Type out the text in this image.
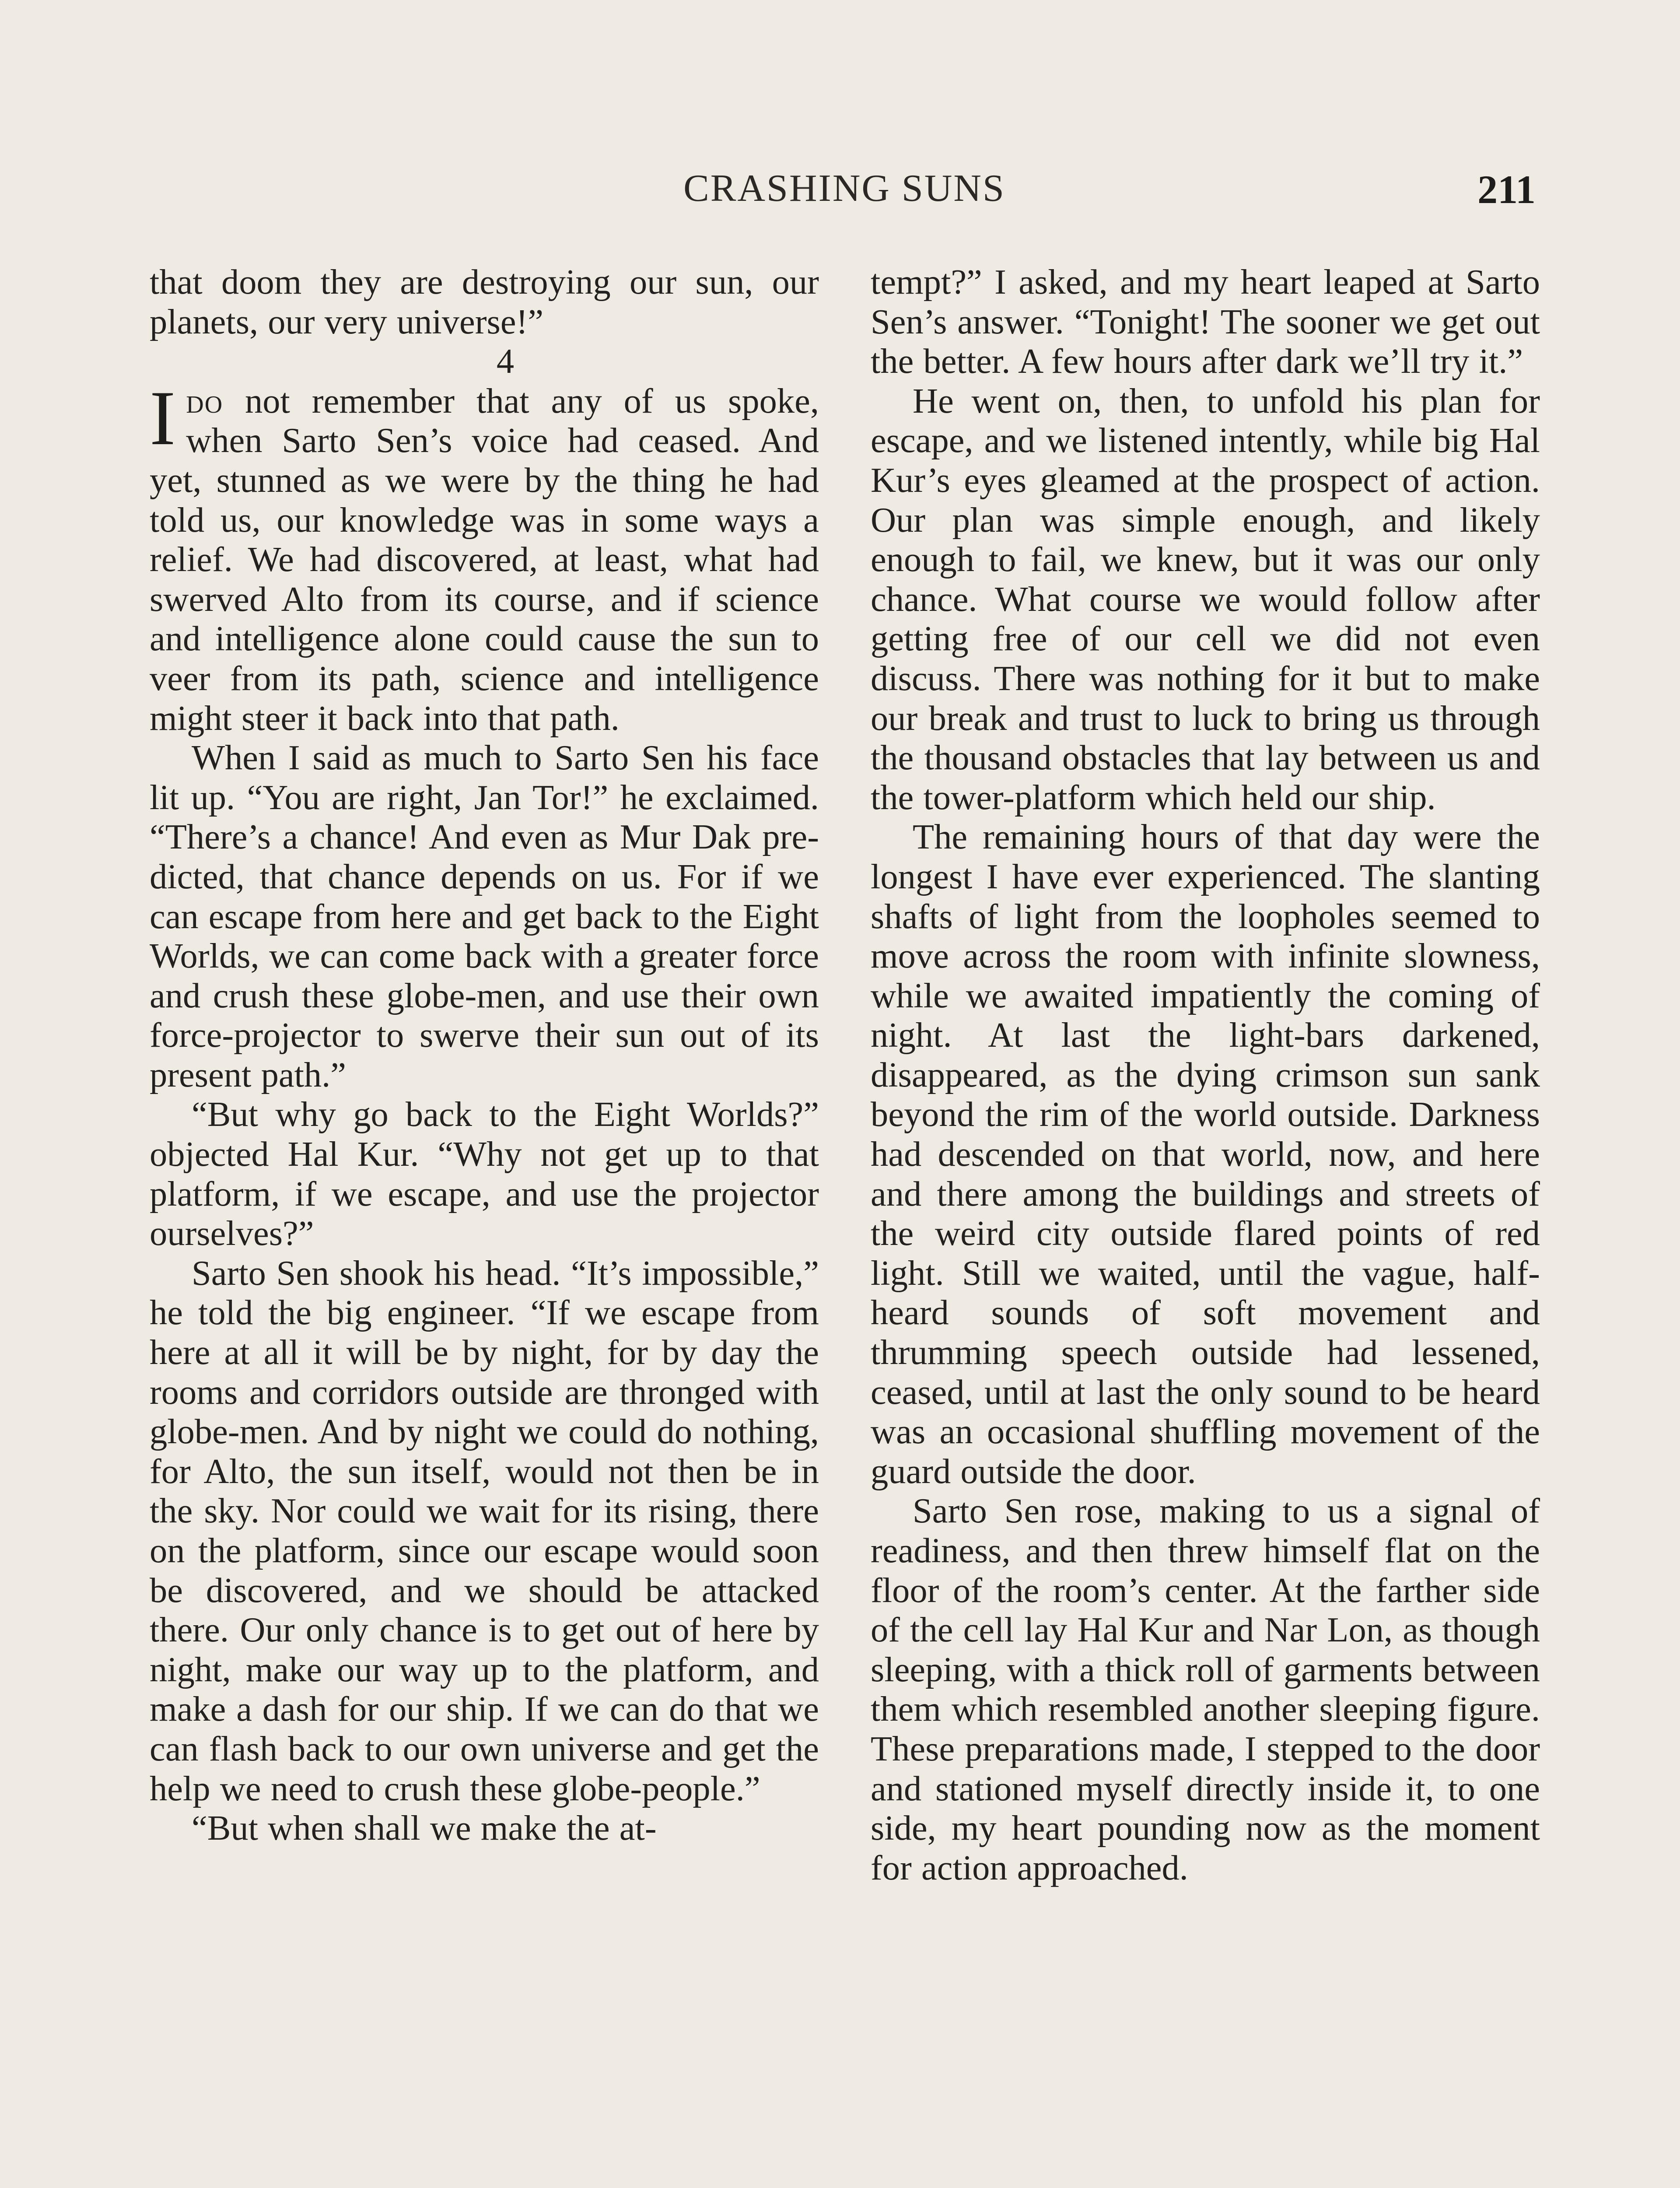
CRASHING SUNS	211

that doom they are destroying our sun, our planets, our very universe!”

4

Ido not remember that any of us spoke, when Sarto Sen’s voice had ceased. And yet, stunned as we were by the thing he had told us, our knowledge was in some ways a relief. We had discovered, at least, what had swerved Alto from its course, and if science and intelligence alone could cause the sun to veer from its path, science and intelligence might steer it back into that path.

When I said as much to Sarto Sen his face lit up. “You are right, Jan Tor!” he exclaimed. “There’s a chance! And even as Mur Dak predicted, that chance depends on us. For if we can escape from here and get back to the Eight Worlds, we can come back with a greater force and crush these globe-men, and use their own force-projector to swerve their sun out of its present path.”

“But why go back to the Eight Worlds?” objected Hal Kur. “Why not get up to that platform, if we escape, and use the projector ourselves?”

Sarto Sen shook his head. “It’s impossible,” he told the big engineer. “If we escape from here at all it will be by night, for by day the rooms and corridors outside are thronged with globe-men. And by night we could do nothing, for Alto, the sun itself, would not then be in the sky. Nor could we wait for its rising, there on the platform, since our escape would soon be discovered, and we should be attacked there. Our only chance is to get out of here by night, make our way up to the platform, and make a dash for our ship. If we can do that we can flash back to our own universe and get the help we need to crush these globe-people.”

“But when shall we make the at-

tempt?” I asked, and my heart leaped at Sarto Sen’s answer. “Tonight! The sooner we get out the better. A few hours after dark we’ll try it.”

He went on, then, to unfold his plan for escape, and we listened intently, while big Hal Kur’s eyes gleamed at the prospect of action. Our plan was simple enough, and likely enough to fail, we knew, but it was our only chance. What course we would follow after getting free of our cell we did not even discuss. There was nothing for it but to make our break and trust to luck to bring us through the thousand obstacles that lay between us and the tower-platform which held our ship.

The remaining hours of that day were the longest I have ever experienced. The slanting shafts of light from the loopholes seemed to move across the room with infinite slowness, while we awaited impatiently the coming of night. At last the light-bars darkened, disappeared, as the dying crimson sun sank beyond the rim of the world outside. Darkness had descended on that world, now, and here and there among the buildings and streets of the weird city outside flared points of red light. Still we waited, until the vague, half-heard sounds of soft movement and thrumming speech outside had lessened, ceased, until at last the only sound to be heard was an occasional shuffling movement of the guard outside the door.

Sarto Sen rose, making to us a signal of readiness, and then threw himself flat on the floor of the room’s center. At the farther side of the cell lay Hal Kur and Nar Lon, as though sleeping, with a thick roll of garments between them which resembled another sleeping figure. These preparations made, I stepped to the door and stationed myself directly inside it, to one side, my heart pounding now as the moment for action approached.
